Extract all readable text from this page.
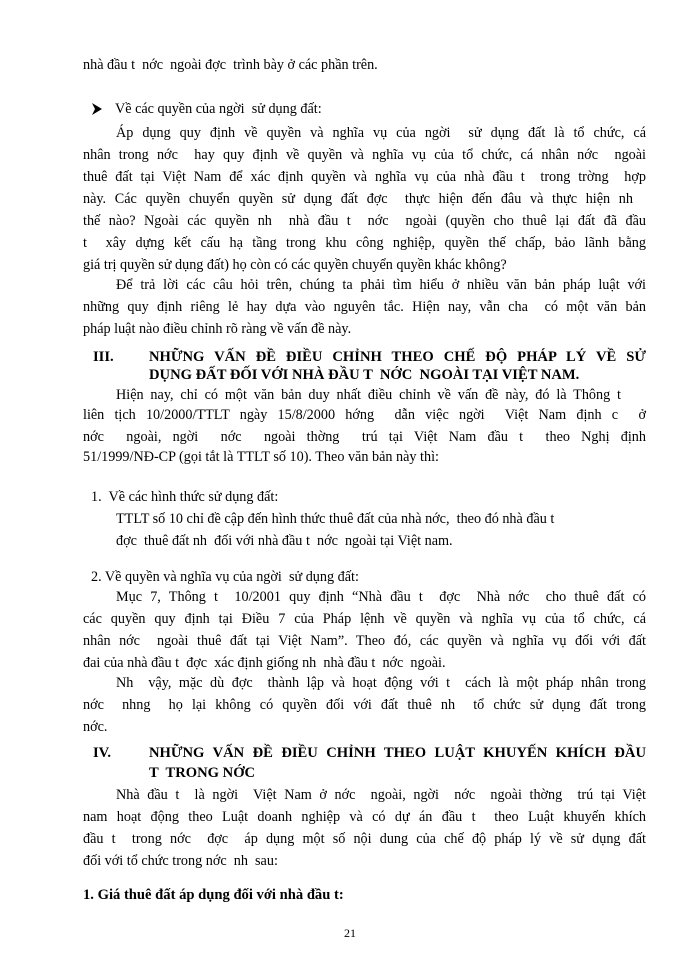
nhà đầu t  nớc  ngoài đợc  trình bày ở các phần trên.
Về các quyền của ngời  sử dụng đất:
Áp dụng quy định về quyền và nghĩa vụ của ngời  sử dụng đất là tổ chức, cá
nhân trong nớc  hay quy định về quyền và nghĩa vụ của tổ chức, cá nhân nớc  ngoài
thuê đất tại Việt Nam để xác định quyền và nghĩa vụ của nhà đầu t  trong trờng  hợp
này. Các quyền chuyển quyền sử dụng đất đợc  thực hiện đến đâu và thực hiện nh
thế nào? Ngoài các quyền nh  nhà đầu t  nớc  ngoài (quyền cho thuê lại đất đã đầu
t  xây dựng kết cấu hạ tầng trong khu công nghiệp, quyền thế chấp, bảo lãnh bằng
giá trị quyền sử dụng đất) họ còn có các quyền chuyển quyền khác không?
Để trả lời các câu hỏi trên, chúng ta phải tìm hiểu ở nhiều văn bản pháp luật với
những quy định riêng lẻ hay dựa vào nguyên tắc. Hiện nay, vẫn cha  có một văn bản
pháp luật nào điều chỉnh rõ ràng về vấn đề này.
III. NHỮNG VẤN ĐỀ ĐIỀU CHỈNH THEO CHẾ ĐỘ PHÁP LÝ VỀ SỬ
DỤNG ĐẤT ĐỐI VỚI NHÀ ĐẦU T  NỚC  NGOÀI TẠI VIỆT NAM.
Hiện nay, chỉ có một văn bản duy nhất điều chỉnh về vấn đề này, đó là Thông t
liên tịch 10/2000/TTLT ngày 15/8/2000 hớng  dẫn việc ngời  Việt Nam định c  ở
nớc  ngoài, ngời  nớc  ngoài thờng  trú tại Việt Nam đầu t  theo Nghị định
51/1999/NĐ-CP (gọi tắt là TTLT số 10). Theo văn bản này thì:
1.  Về các hình thức sử dụng đất:
TTLT số 10 chỉ đề cập đến hình thức thuê đất của nhà nớc,  theo đó nhà đầu t
đợc  thuê đất nh  đối với nhà đầu t  nớc  ngoài tại Việt nam.
2. Về quyền và nghĩa vụ của ngời  sử dụng đất:
Mục 7, Thông t  10/2001 quy định “Nhà đầu t  đợc  Nhà nớc  cho thuê đất có
các quyền quy định tại Điều 7 của Pháp lệnh về quyền và nghĩa vụ của tổ chức, cá
nhân nớc  ngoài thuê đất tại Việt Nam”. Theo đó, các quyền và nghĩa vụ đối với đất
đai của nhà đầu t  đợc  xác định giống nh  nhà đầu t  nớc  ngoài.
Nh  vậy, mặc dù đợc  thành lập và hoạt động với t  cách là một pháp nhân trong
nớc  nhng  họ lại không có quyền đối với đất thuê nh  tổ chức sử dụng đất trong
nớc.
IV.	NHỮNG VẤN ĐỀ ĐIỀU CHỈNH THEO LUẬT KHUYẾN KHÍCH ĐẦU
T  TRONG NỚC
Nhà đầu t  là ngời  Việt Nam ở nớc  ngoài, ngời  nớc  ngoài thờng  trú tại Việt
nam hoạt động theo Luật doanh nghiệp và có dự án đầu t  theo Luật khuyến khích
đầu t  trong nớc  đợc  áp dụng một số nội dung của chế độ pháp lý về sử dụng đất
đối với tổ chức trong nớc  nh  sau:
1. Giá thuê đất áp dụng đối với nhà đầu t:
21
